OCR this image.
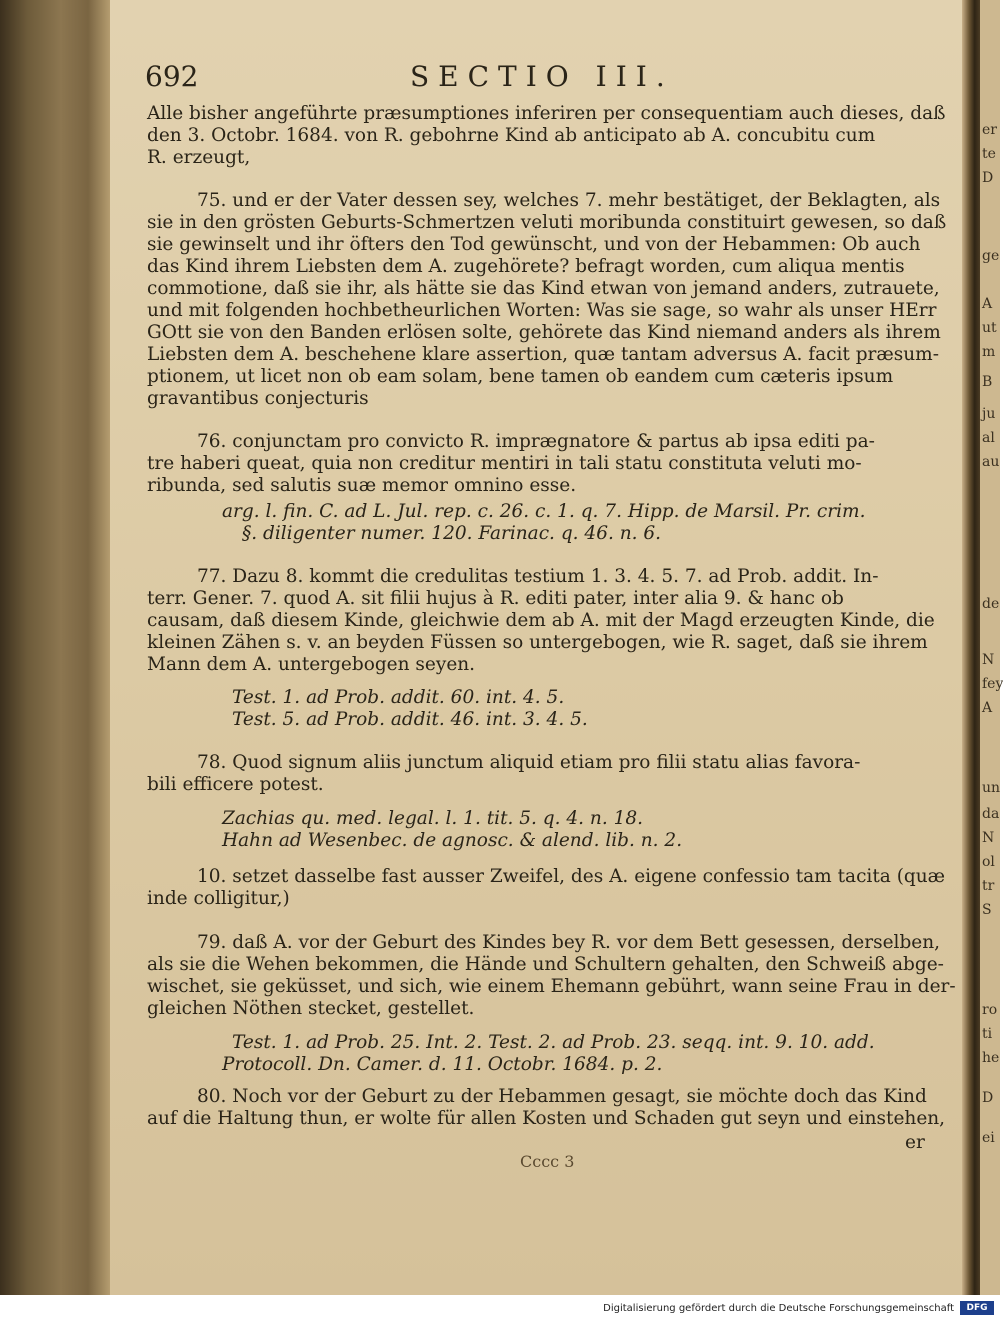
er
te
D
ge
A
ut
m
B
ju
al
au
de
N
fey
A
un
da
N
ol
tr
S
ro
ti
he
D
ei
692	SECTIO III.
Alle bisher angeführte præsumptiones inferiren per consequentiam auch dieses, daß
den 3. Octobr. 1684. von R. gebohrne Kind ab anticipato ab A. concubitu cum
R. erzeugt,
75. und er der Vater dessen sey, welches 7. mehr bestätiget, der Beklagten, als
sie in den grösten Geburts-Schmertzen veluti moribunda constituirt gewesen, so daß
sie gewinselt und ihr öfters den Tod gewünscht, und von der Hebammen: Ob auch
das Kind ihrem Liebsten dem A. zugehörete? befragt worden, cum aliqua mentis
commotione, daß sie ihr, als hätte sie das Kind etwan von jemand anders, zutrauete,
und mit folgenden hochbetheurlichen Worten: Was sie sage, so wahr als unser HErr
GOtt sie von den Banden erlösen solte, gehörete das Kind niemand anders als ihrem
Liebsten dem A. beschehene klare assertion, quæ tantam adversus A. facit præsum-
ptionem, ut licet non ob eam solam, bene tamen ob eandem cum cæteris ipsum
gravantibus conjecturis
76. conjunctam pro convicto R. imprægnatore & partus ab ipsa editi pa-
tre haberi queat, quia non creditur mentiri in tali statu constituta veluti mo-
ribunda, sed salutis suæ memor omnino esse.
arg. l. fin. C. ad L. Jul. rep. c. 26. c. 1. q. 7. Hipp. de Marsil. Pr. crim.
§. diligenter numer. 120. Farinac. q. 46. n. 6.
77. Dazu 8. kommt die credulitas testium 1. 3. 4. 5. 7. ad Prob. addit. In-
terr. Gener. 7. quod A. sit filii hujus à R. editi pater, inter alia 9. & hanc ob
causam, daß diesem Kinde, gleichwie dem ab A. mit der Magd erzeugten Kinde, die
kleinen Zähen s. v. an beyden Füssen so untergebogen, wie R. saget, daß sie ihrem
Mann dem A. untergebogen seyen.
Test. 1. ad Prob. addit. 60. int. 4. 5.
Test. 5. ad Prob. addit. 46. int. 3. 4. 5.
78. Quod signum aliis junctum aliquid etiam pro filii statu alias favora-
bili efficere potest.
Zachias qu. med. legal. l. 1. tit. 5. q. 4. n. 18.
Hahn ad Wesenbec. de agnosc. & alend. lib. n. 2.
10. setzet dasselbe fast ausser Zweifel, des A. eigene confessio tam tacita (quæ
inde colligitur,)
79. daß A. vor der Geburt des Kindes bey R. vor dem Bett gesessen, derselben,
als sie die Wehen bekommen, die Hände und Schultern gehalten, den Schweiß abge-
wischet, sie geküsset, und sich, wie einem Ehemann gebührt, wann seine Frau in der-
gleichen Nöthen stecket, gestellet.
Test. 1. ad Prob. 25. Int. 2. Test. 2. ad Prob. 23. seqq. int. 9. 10. add.
Protocoll. Dn. Camer. d. 11. Octobr. 1684. p. 2.
80. Noch vor der Geburt zu der Hebammen gesagt, sie möchte doch das Kind
auf die Haltung thun, er wolte für allen Kosten und Schaden gut seyn und einstehen,
er
Cccc 3
Digitalisierung gefördert durch die Deutsche Forschungsgemeinschaft	DFG
